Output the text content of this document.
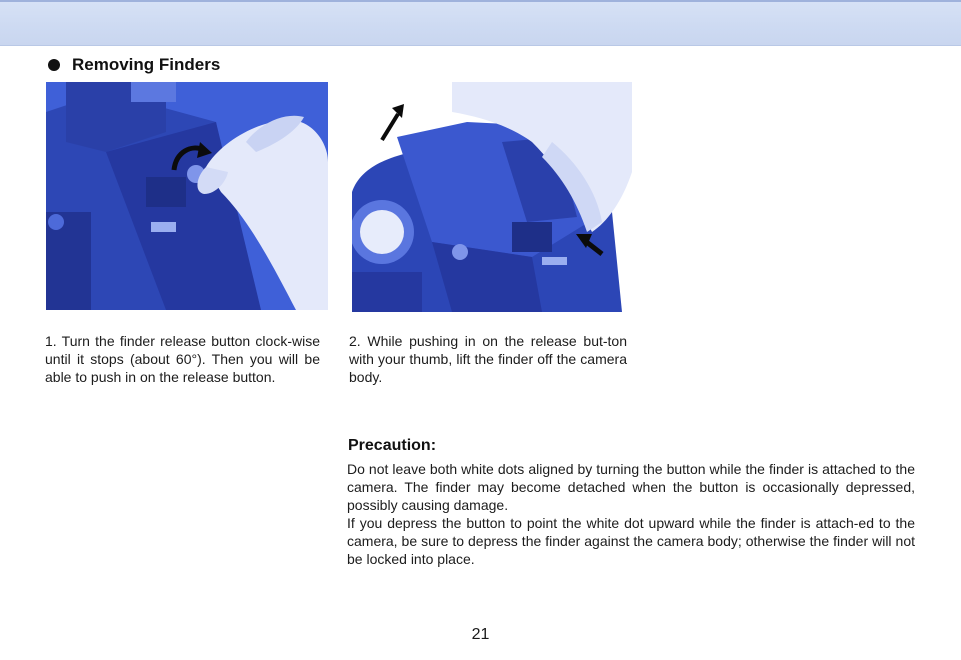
Removing Finders
1. Turn the finder release button clock-wise until it stops (about 60°). Then you will be able to push in on the release button.
2. While pushing in on the release but-ton with your thumb, lift the finder off the camera body.
Precaution:

Do not leave both white dots aligned by turning the button while the finder is attached to the camera. The finder may become detached when the button is occasionally depressed, possibly causing damage.

If you depress the button to point the white dot upward while the finder is attach-ed to the camera, be sure to depress the finder against the camera body; otherwise the finder will not be locked into place.

21
